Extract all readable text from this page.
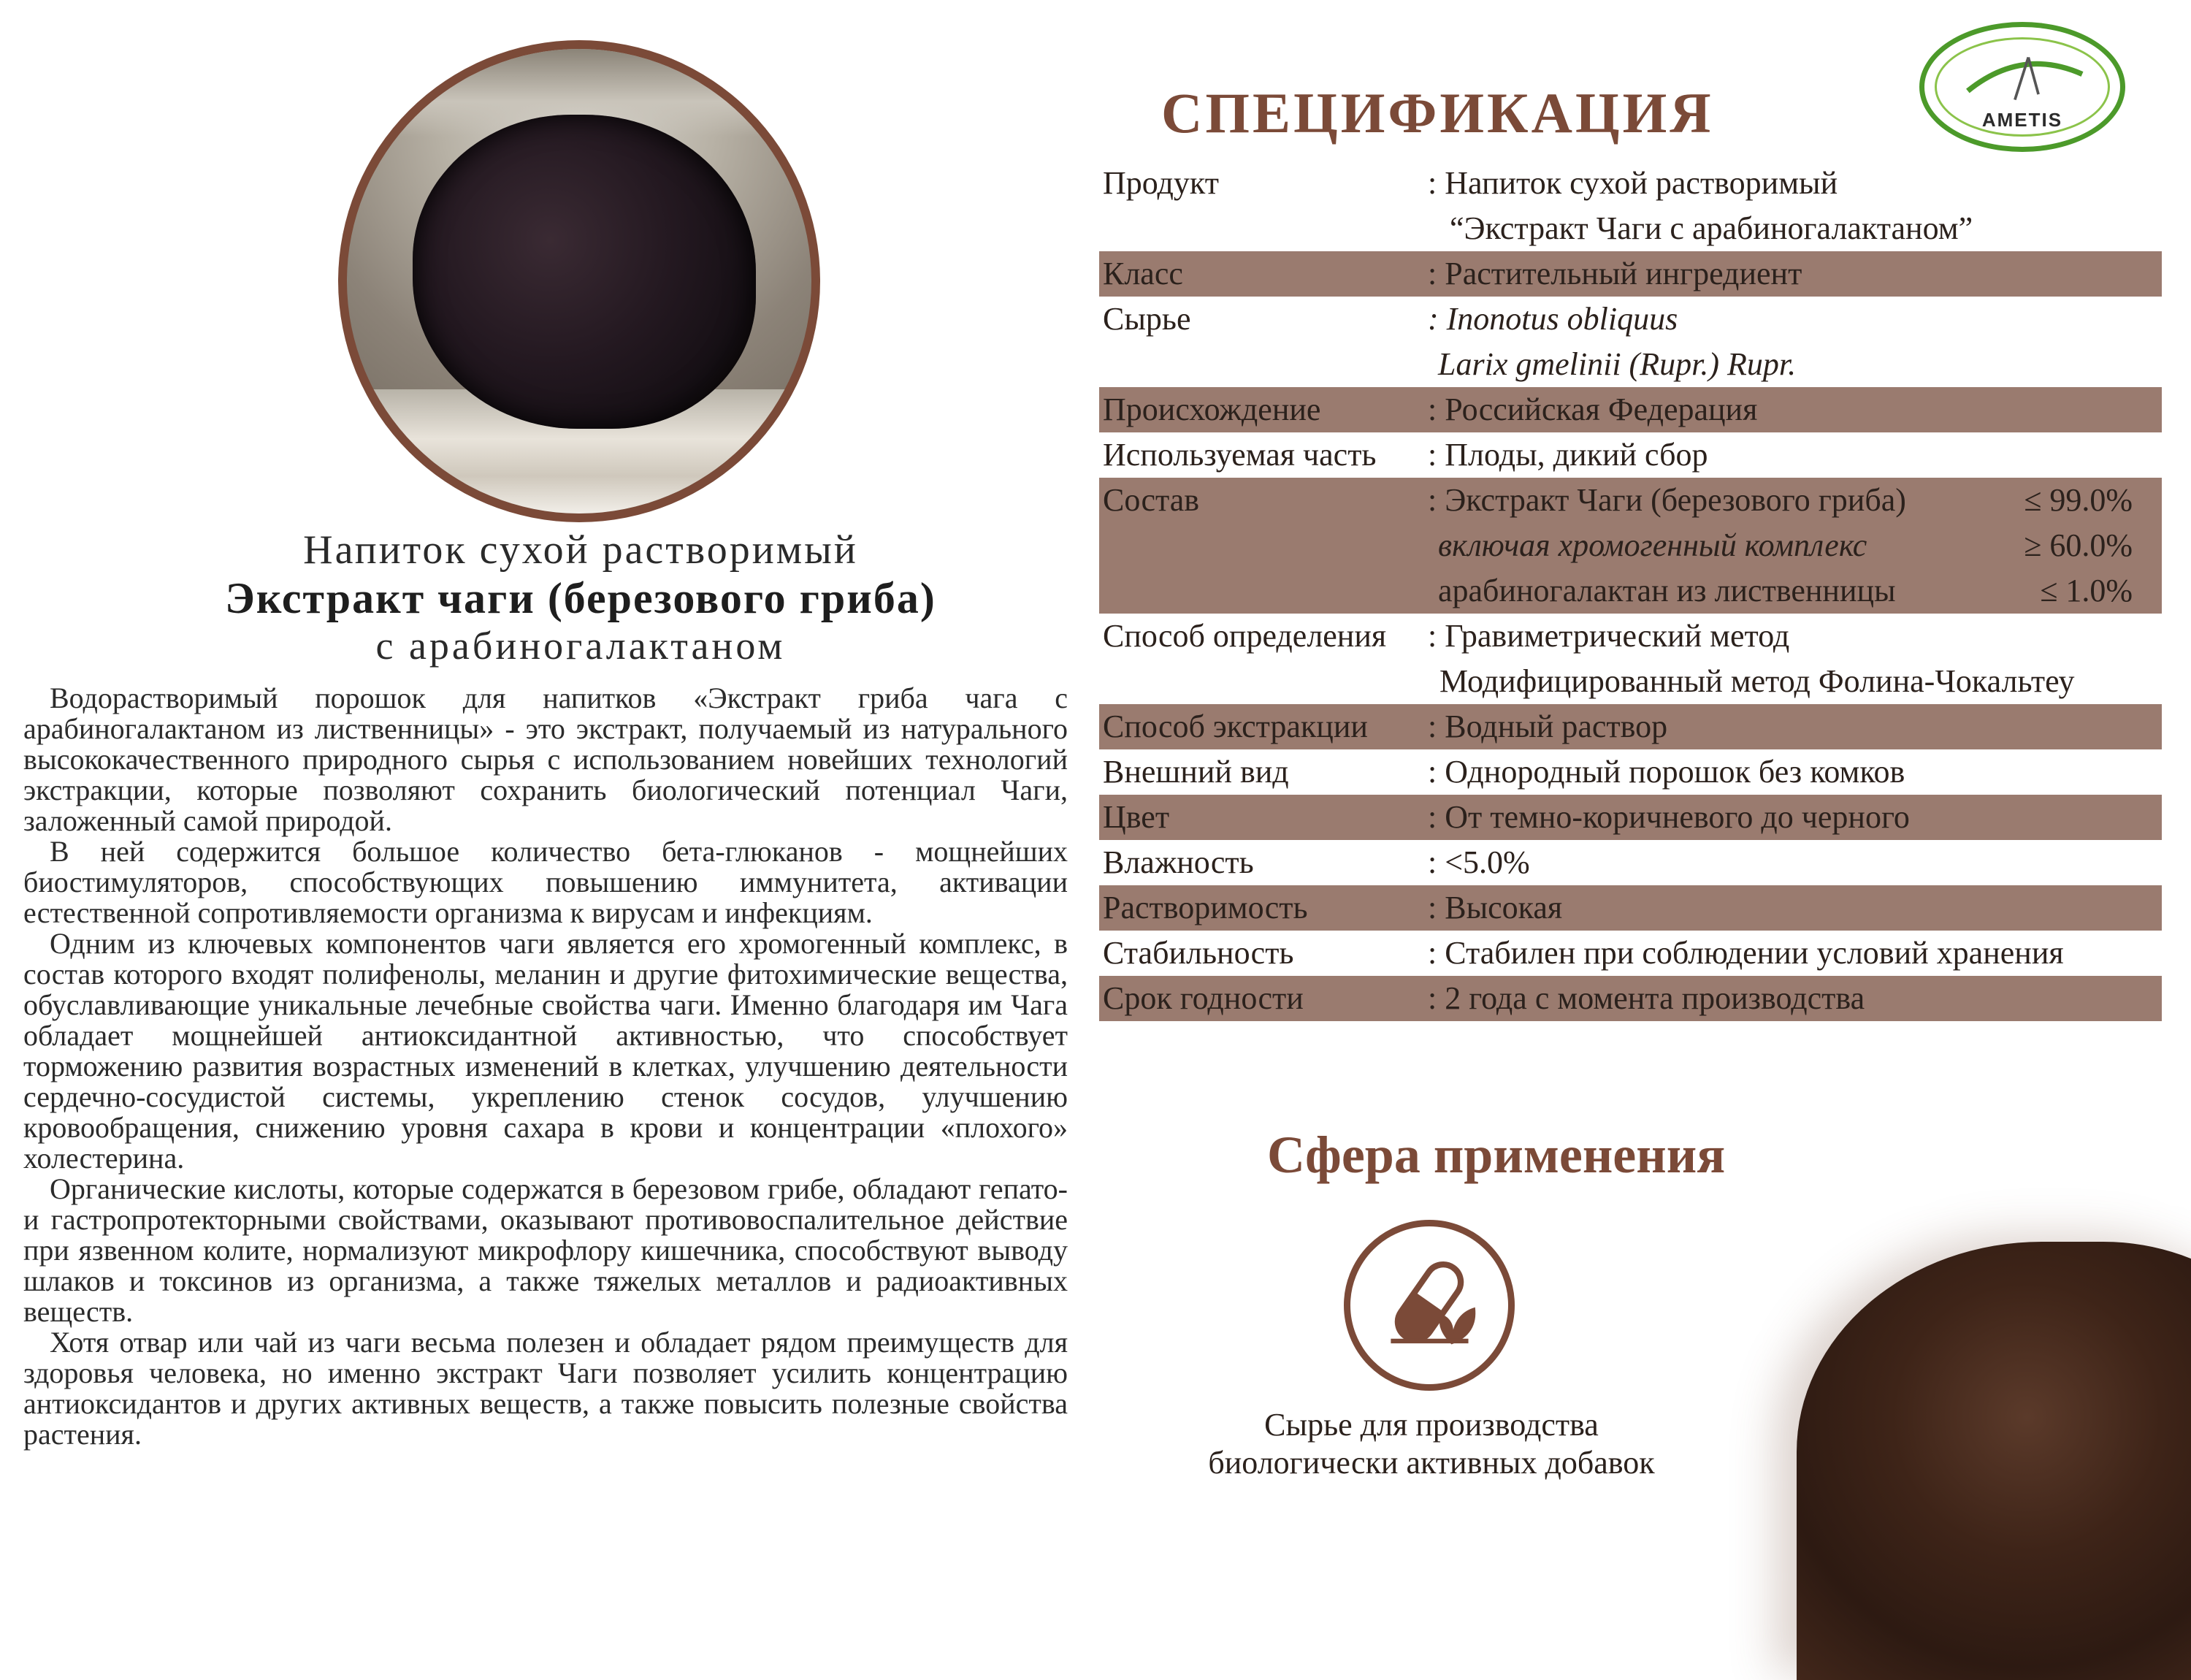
Напиток сухой растворимый
Экстракт чаги (березового гриба)
с арабиногалактаном

Водорастворимый порошок для напитков «Экстракт гриба чага с арабиногалактаном из лиственницы» - это экстракт, получаемый из натурального высококачественного природного сырья с использованием новейших технологий экстракции, которые позволяют сохранить биологический потенциал Чаги, заложенный самой природой.

В ней содержится большое количество бета-глюканов - мощнейших биостимуляторов, способствующих повышению иммунитета, активации естественной сопротивляемости организма к вирусам и инфекциям.

Одним из ключевых компонентов чаги является его хромогенный комплекс, в состав которого входят полифенолы, меланин и другие фитохимические вещества, обуславливающие уникальные лечебные свойства чаги. Именно благодаря им Чага обладает мощнейшей антиоксидантной активностью, что способствует торможению развития возрастных изменений в клетках, улучшению деятельности сердечно-сосудистой системы, укреплению стенок сосудов, улучшению кровообращения, снижению уровня сахара в крови и концентрации «плохого» холестерина.

Органические кислоты, которые содержатся в березовом грибе, обладают гепато- и гастропротекторными свойствами, оказывают противовоспалительное действие при язвенном колите, нормализуют микрофлору кишечника, способствуют выводу шлаков и токсинов из организма, а также тяжелых металлов и радиоактивных веществ.

Хотя отвар или чай из чаги весьма полезен и обладает рядом преимуществ для здоровья человека, но именно экстракт Чаги позволяет усилить концентрацию антиоксидантов и других активных веществ, а также повысить полезные свойства растения.

AMETIS
СПЕЦИФИКАЦИЯ
Продукт	: Напиток сухой растворимый
“Экстракт Чаги с арабиногалактаном”
Класс	: Растительный ингредиент
Сырье	: Inonotus obliquus
Larix gmelinii (Rupr.) Rupr.
Происхождение	: Российская Федерация
Используемая часть	: Плоды, дикий сбор
Состав	: Экстракт Чаги (березового гриба)	≤ 99.0%
включая хромогенный комплекс	≥ 60.0%
арабиногалактан из лиственницы	≤ 1.0%
Способ определения	: Гравиметрический метод
Модифицированный метод Фолина-Чокальтеу
Способ экстракции	: Водный раствор
Внешний вид	: Однородный порошок без комков
Цвет	: От темно-коричневого до черного
Влажность	: <5.0%
Растворимость	: Высокая
Стабильность	: Стабилен при соблюдении условий хранения
Срок годности	: 2 года с момента производства
Сфера применения
Сырье для производства
биологически активных добавок
